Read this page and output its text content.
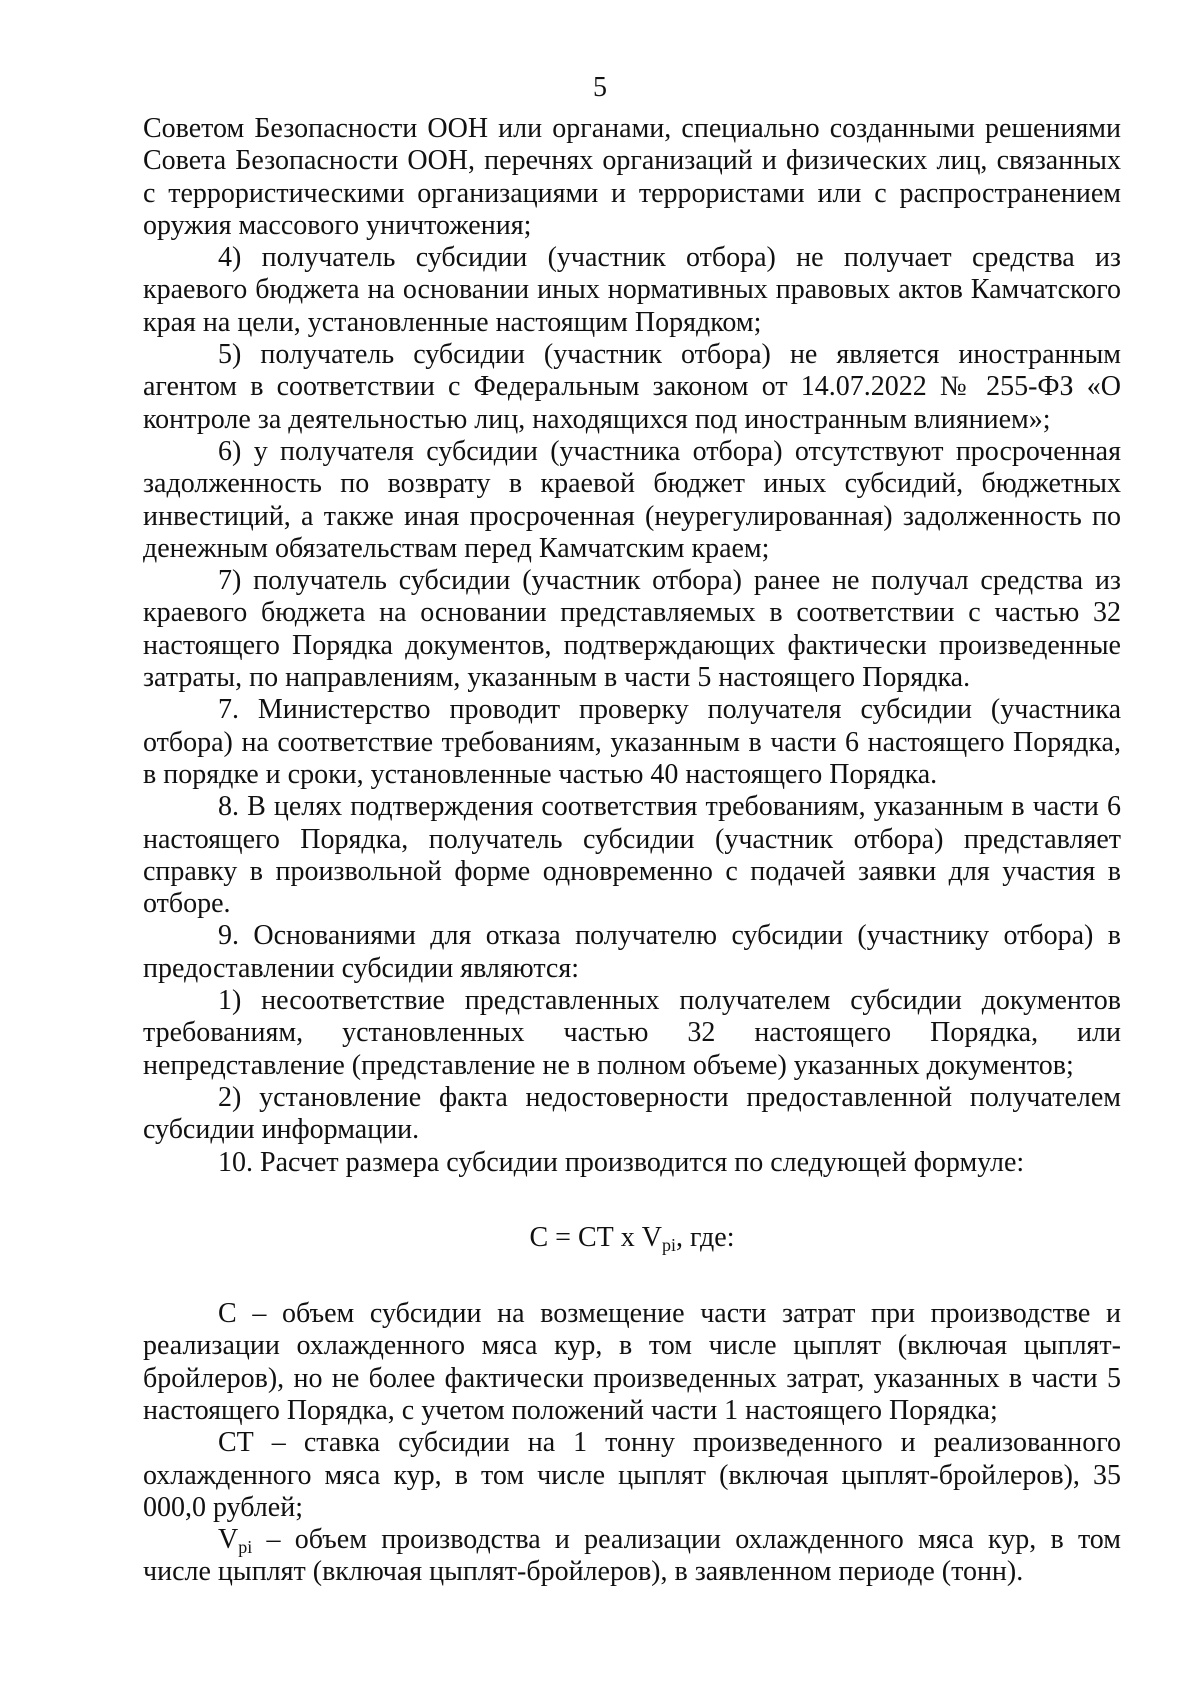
5

Советом Безопасности ООН или органами, специально созданными решениями Совета Безопасности ООН, перечнях организаций и физических лиц, связанных с террористическими организациями и террористами или с распространением оружия массового уничтожения;

4) получатель субсидии (участник отбора) не получает средства из краевого бюджета на основании иных нормативных правовых актов Камчатского края на цели, установленные настоящим Порядком;

5) получатель субсидии (участник отбора) не является иностранным агентом в соответствии с Федеральным законом от 14.07.2022 № 255-ФЗ «О контроле за деятельностью лиц, находящихся под иностранным влиянием»;

6) у получателя субсидии (участника отбора) отсутствуют просроченная задолженность по возврату в краевой бюджет иных субсидий, бюджетных инвестиций, а также иная просроченная (неурегулированная) задолженность по денежным обязательствам перед Камчатским краем;

7) получатель субсидии (участник отбора) ранее не получал средства из краевого бюджета на основании представляемых в соответствии с частью 32 настоящего Порядка документов, подтверждающих фактически произведенные затраты, по направлениям, указанным в части 5 настоящего Порядка.

7. Министерство проводит проверку получателя субсидии (участника отбора) на соответствие требованиям, указанным в части 6 настоящего Порядка, в порядке и сроки, установленные частью 40 настоящего Порядка.

8. В целях подтверждения соответствия требованиям, указанным в части 6 настоящего Порядка, получатель субсидии (участник отбора) представляет справку в произвольной форме одновременно с подачей заявки для участия в отборе.

9. Основаниями для отказа получателю субсидии (участнику отбора) в предоставлении субсидии являются:

1) несоответствие представленных получателем субсидии документов требованиям, установленных частью 32 настоящего Порядка, или непредставление (представление не в полном объеме) указанных документов;

2) установление факта недостоверности предоставленной получателем субсидии информации.

10. Расчет размера субсидии производится по следующей формуле:

С = СТ х $V_{pi}$, где:

С – объем субсидии на возмещение части затрат при производстве и реализации охлажденного мяса кур, в том числе цыплят (включая цыплят-бройлеров), но не более фактически произведенных затрат, указанных в части 5 настоящего Порядка, с учетом положений части 1 настоящего Порядка;

СТ – ставка субсидии на 1 тонну произведенного и реализованного охлажденного мяса кур, в том числе цыплят (включая цыплят-бройлеров), 35 000,0 рублей;

Vpi – объем производства и реализации охлажденного мяса кур, в том числе цыплят (включая цыплят-бройлеров), в заявленном периоде (тонн).
